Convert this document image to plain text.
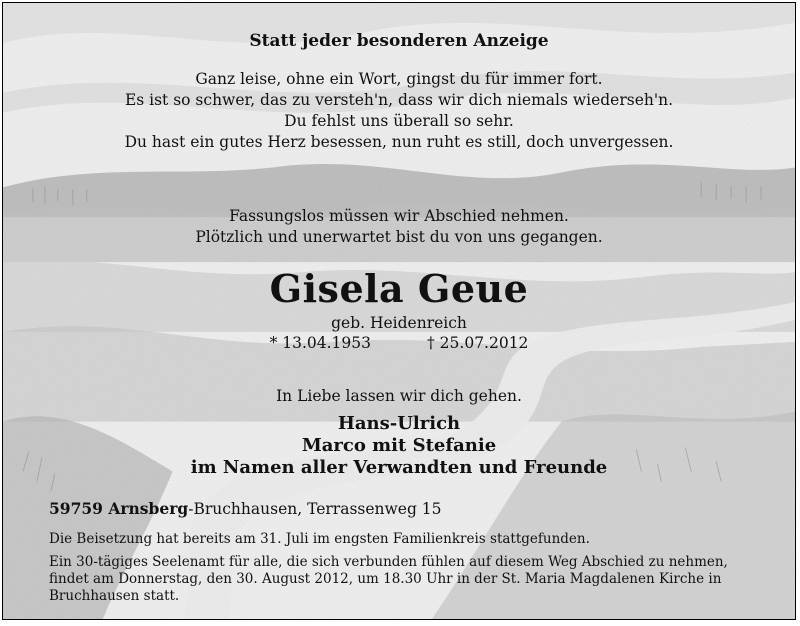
Statt jeder besonderen Anzeige
Ganz leise, ohne ein Wort, gingst du für immer fort.
Es ist so schwer, das zu versteh'n, dass wir dich niemals wiederseh'n.
Du fehlst uns überall so sehr.
Du hast ein gutes Herz besessen, nun ruht es still, doch unvergessen.
Fassungslos müssen wir Abschied nehmen.
Plötzlich und unerwartet bist du von uns gegangen.
Gisela Geue
geb. Heidenreich
* 13.04.1953	† 25.07.2012
In Liebe lassen wir dich gehen.
Hans-Ulrich
Marco mit Stefanie
im Namen aller Verwandten und Freunde
59759 Arnsberg-Bruchhausen, Terrassenweg 15

Die Beisetzung hat bereits am 31. Juli im engsten Familienkreis stattgefunden.

Ein 30-tägiges Seelenamt für alle, die sich verbunden fühlen auf diesem Weg Abschied zu nehmen, findet am Donnerstag, den 30. August 2012, um 18.30 Uhr in der St. Maria Magdalenen Kirche in Bruchhausen statt.
